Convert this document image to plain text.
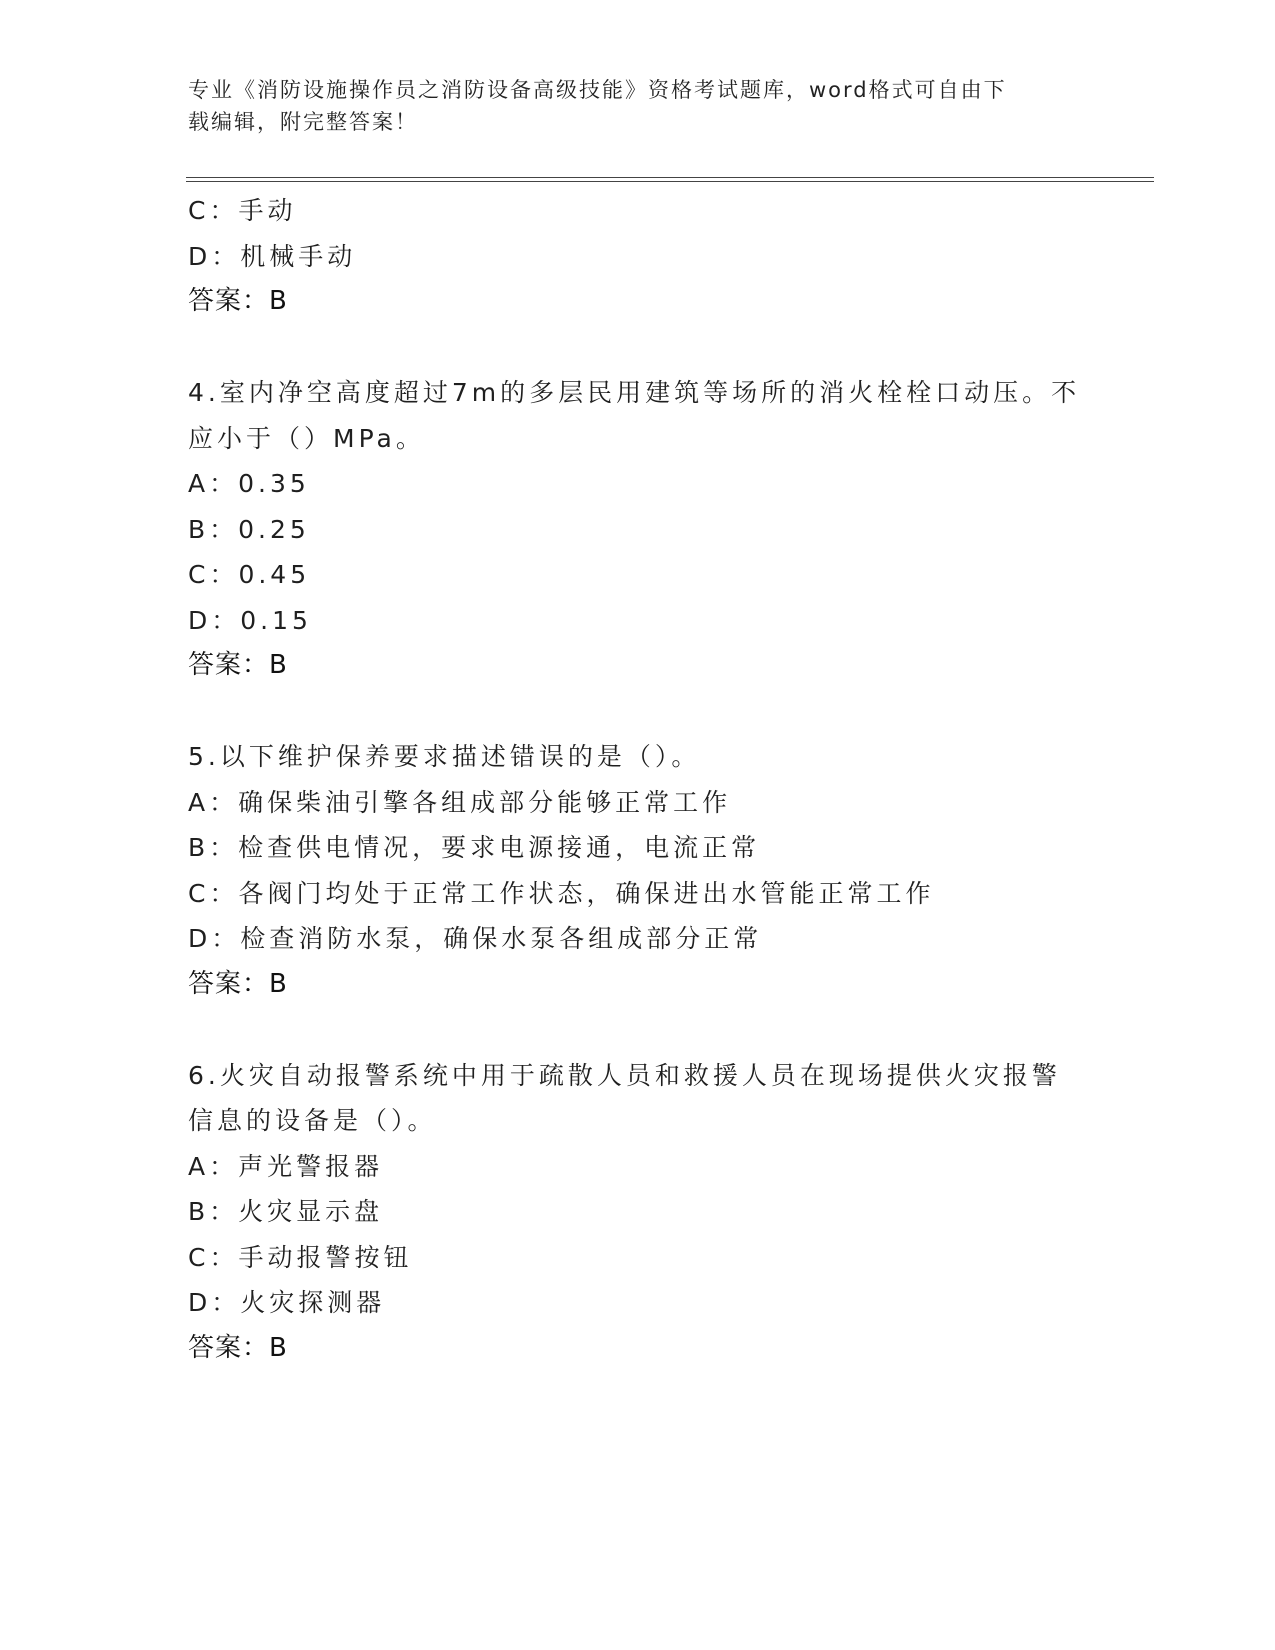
专业《消防设施操作员之消防设备高级技能》资格考试题库，word格式可自由下
载编辑，附完整答案！
C：手动
D：机械手动
答案：B
4.室内净空高度超过7m的多层民用建筑等场所的消火栓栓口动压。不
应小于（）MPa。
A：0.35
B：0.25
C：0.45
D：0.15
答案：B
5.以下维护保养要求描述错误的是（）。
A：确保柴油引擎各组成部分能够正常工作
B：检查供电情况，要求电源接通，电流正常
C：各阀门均处于正常工作状态，确保进出水管能正常工作
D：检查消防水泵，确保水泵各组成部分正常
答案：B
6.火灾自动报警系统中用于疏散人员和救援人员在现场提供火灾报警
信息的设备是（）。
A：声光警报器
B：火灾显示盘
C：手动报警按钮
D：火灾探测器
答案：B
